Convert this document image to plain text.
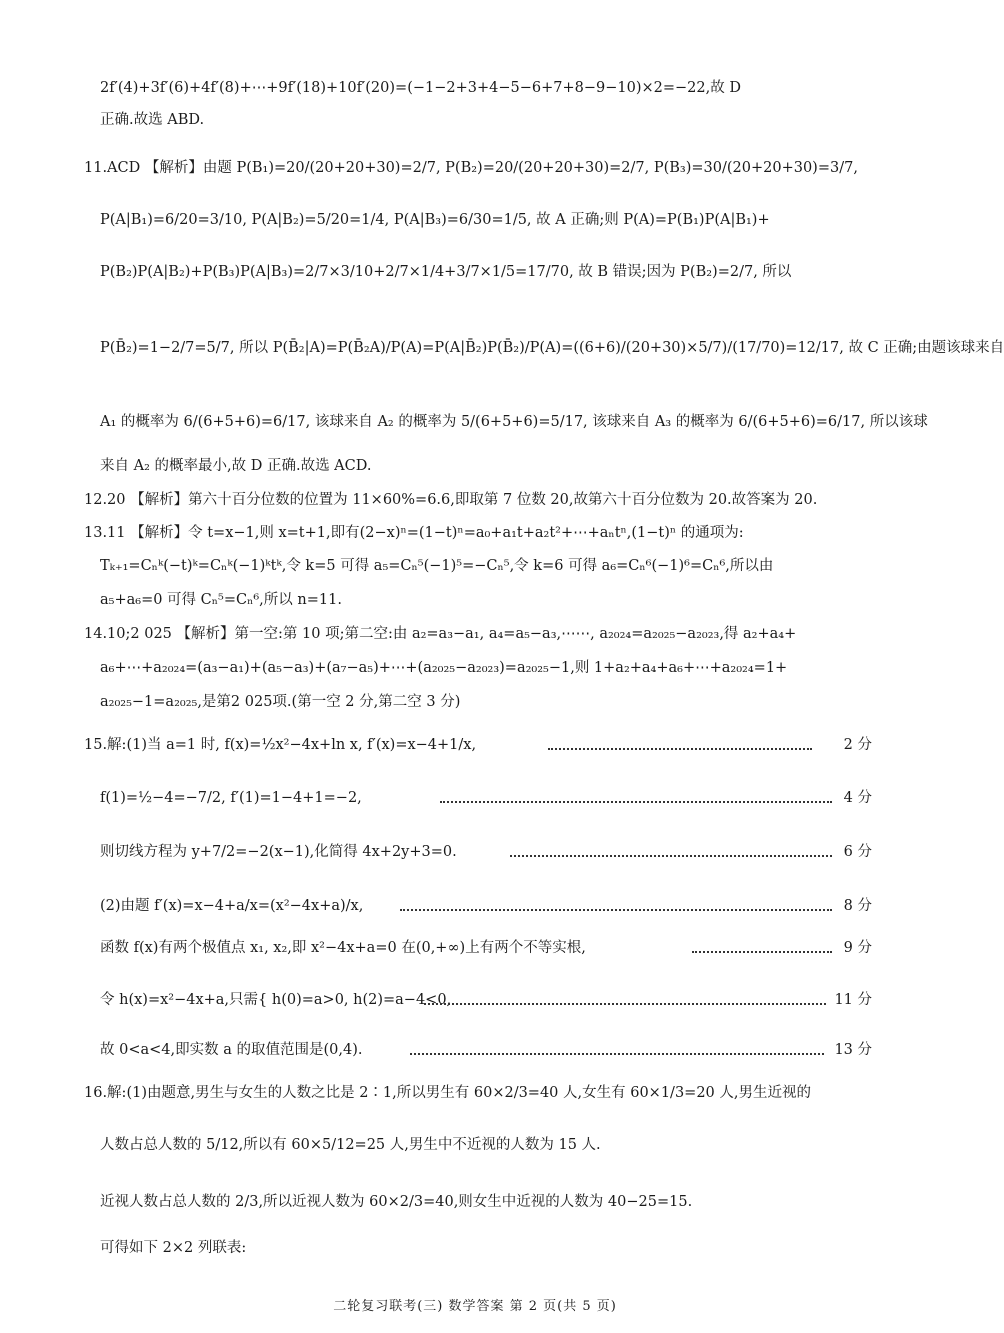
2f′(4)+3f′(6)+4f′(8)+⋯+9f′(18)+10f′(20)=(−1−2+3+4−5−6+7+8−9−10)×2=−22,故 D
正确.故选 ABD.
11.ACD 【解析】由题 P(B₁)=20/(20+20+30)=2/7, P(B₂)=20/(20+20+30)=2/7, P(B₃)=30/(20+20+30)=3/7,
P(A|B₁)=6/20=3/10, P(A|B₂)=5/20=1/4, P(A|B₃)=6/30=1/5, 故 A 正确;则 P(A)=P(B₁)P(A|B₁)+
P(B₂)P(A|B₂)+P(B₃)P(A|B₃)=2/7×3/10+2/7×1/4+3/7×1/5=17/70, 故 B 错误;因为 P(B₂)=2/7, 所以
P(B̄₂)=1−2/7=5/7, 所以 P(B̄₂|A)=P(B̄₂A)/P(A)=P(A|B̄₂)P(B̄₂)/P(A)=((6+6)/(20+30)×5/7)/(17/70)=12/17, 故 C 正确;由题该球来自
A₁ 的概率为 6/(6+5+6)=6/17, 该球来自 A₂ 的概率为 5/(6+5+6)=5/17, 该球来自 A₃ 的概率为 6/(6+5+6)=6/17, 所以该球
来自 A₂ 的概率最小,故 D 正确.故选 ACD.
12.20 【解析】第六十百分位数的位置为 11×60%=6.6,即取第 7 位数 20,故第六十百分位数为 20.故答案为 20.
13.11 【解析】令 t=x−1,则 x=t+1,即有(2−x)ⁿ=(1−t)ⁿ=a₀+a₁t+a₂t²+⋯+aₙtⁿ,(1−t)ⁿ 的通项为:
Tₖ₊₁=Cₙᵏ(−t)ᵏ=Cₙᵏ(−1)ᵏtᵏ,令 k=5 可得 a₅=Cₙ⁵(−1)⁵=−Cₙ⁵,令 k=6 可得 a₆=Cₙ⁶(−1)⁶=Cₙ⁶,所以由
a₅+a₆=0 可得 Cₙ⁵=Cₙ⁶,所以 n=11.
14.10;2 025 【解析】第一空:第 10 项;第二空:由 a₂=a₃−a₁, a₄=a₅−a₃,⋯⋯, a₂₀₂₄=a₂₀₂₅−a₂₀₂₃,得 a₂+a₄+
a₆+⋯+a₂₀₂₄=(a₃−a₁)+(a₅−a₃)+(a₇−a₅)+⋯+(a₂₀₂₅−a₂₀₂₃)=a₂₀₂₅−1,则 1+a₂+a₄+a₆+⋯+a₂₀₂₄=1+
a₂₀₂₅−1=a₂₀₂₅,是第2 025项.(第一空 2 分,第二空 3 分)
15.解:(1)当 a=1 时, f(x)=½x²−4x+ln x, f′(x)=x−4+1/x,	2 分
f(1)=½−4=−7/2, f′(1)=1−4+1=−2,	4 分
则切线方程为 y+7/2=−2(x−1),化简得 4x+2y+3=0.	6 分
(2)由题 f′(x)=x−4+a/x=(x²−4x+a)/x,	8 分
函数 f(x)有两个极值点 x₁, x₂,即 x²−4x+a=0 在(0,+∞)上有两个不等实根,	9 分
令 h(x)=x²−4x+a,只需{ h(0)=a>0, h(2)=a−4<0,	11 分
故 0<a<4,即实数 a 的取值范围是(0,4).	13 分
16.解:(1)由题意,男生与女生的人数之比是 2∶1,所以男生有 60×2/3=40 人,女生有 60×1/3=20 人,男生近视的
人数占总人数的 5/12,所以有 60×5/12=25 人,男生中不近视的人数为 15 人.
近视人数占总人数的 2/3,所以近视人数为 60×2/3=40,则女生中近视的人数为 40−25=15.
可得如下 2×2 列联表:
二轮复习联考(三) 数学答案 第 2 页(共 5 页)
